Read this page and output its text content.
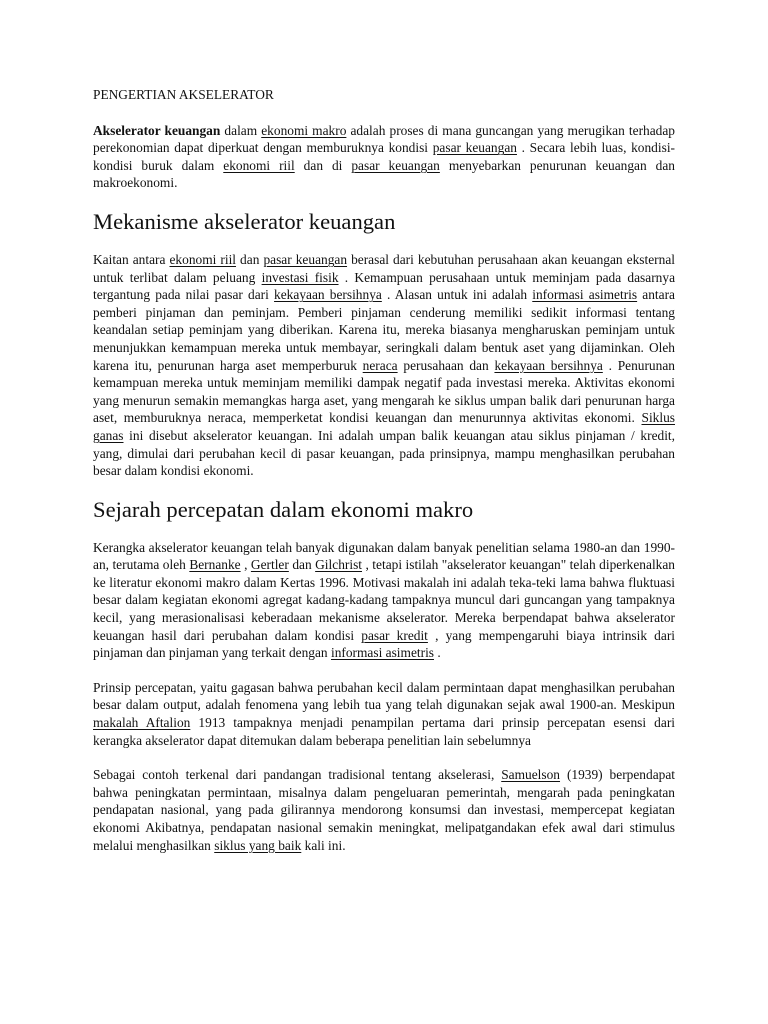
PENGERTIAN AKSELERATOR

Akselerator keuangan dalam ekonomi makro adalah proses di mana guncangan yang merugikan terhadap perekonomian dapat diperkuat dengan memburuknya kondisi pasar keuangan . Secara lebih luas, kondisi-kondisi buruk dalam ekonomi riil dan di pasar keuangan menyebarkan penurunan keuangan dan makroekonomi.

Mekanisme akselerator keuangan

Kaitan antara ekonomi riil dan pasar keuangan berasal dari kebutuhan perusahaan akan keuangan eksternal untuk terlibat dalam peluang investasi fisik . Kemampuan perusahaan untuk meminjam pada dasarnya tergantung pada nilai pasar dari kekayaan bersihnya . Alasan untuk ini adalah informasi asimetris antara pemberi pinjaman dan peminjam. Pemberi pinjaman cenderung memiliki sedikit informasi tentang keandalan setiap peminjam yang diberikan. Karena itu, mereka biasanya mengharuskan peminjam untuk menunjukkan kemampuan mereka untuk membayar, seringkali dalam bentuk aset yang dijaminkan. Oleh karena itu, penurunan harga aset memperburuk neraca perusahaan dan kekayaan bersihnya . Penurunan kemampuan mereka untuk meminjam memiliki dampak negatif pada investasi mereka. Aktivitas ekonomi yang menurun semakin memangkas harga aset, yang mengarah ke siklus umpan balik dari penurunan harga aset, memburuknya neraca, memperketat kondisi keuangan dan menurunnya aktivitas ekonomi. Siklus ganas ini disebut akselerator keuangan. Ini adalah umpan balik keuangan atau siklus pinjaman / kredit, yang, dimulai dari perubahan kecil di pasar keuangan, pada prinsipnya, mampu menghasilkan perubahan besar dalam kondisi ekonomi.

Sejarah percepatan dalam ekonomi makro

Kerangka akselerator keuangan telah banyak digunakan dalam banyak penelitian selama 1980-an dan 1990-an, terutama oleh Bernanke , Gertler dan Gilchrist , tetapi istilah "akselerator keuangan" telah diperkenalkan ke literatur ekonomi makro dalam Kertas 1996. Motivasi makalah ini adalah teka-teki lama bahwa fluktuasi besar dalam kegiatan ekonomi agregat kadang-kadang tampaknya muncul dari guncangan yang tampaknya kecil, yang merasionalisasi keberadaan mekanisme akselerator. Mereka berpendapat bahwa akselerator keuangan hasil dari perubahan dalam kondisi pasar kredit , yang mempengaruhi biaya intrinsik dari pinjaman dan pinjaman yang terkait dengan informasi asimetris .

Prinsip percepatan, yaitu gagasan bahwa perubahan kecil dalam permintaan dapat menghasilkan perubahan besar dalam output, adalah fenomena yang lebih tua yang telah digunakan sejak awal 1900-an. Meskipun makalah Aftalion 1913 tampaknya menjadi penampilan pertama dari prinsip percepatan esensi dari kerangka akselerator dapat ditemukan dalam beberapa penelitian lain sebelumnya

Sebagai contoh terkenal dari pandangan tradisional tentang akselerasi, Samuelson (1939) berpendapat bahwa peningkatan permintaan, misalnya dalam pengeluaran pemerintah, mengarah pada peningkatan pendapatan nasional, yang pada gilirannya mendorong konsumsi dan investasi, mempercepat kegiatan ekonomi Akibatnya, pendapatan nasional semakin meningkat, melipatgandakan efek awal dari stimulus melalui menghasilkan siklus yang baik kali ini.
